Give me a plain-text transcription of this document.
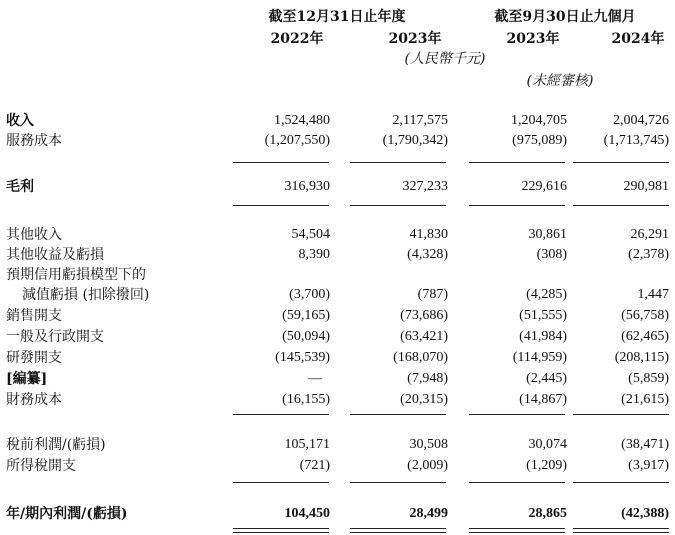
截至12月31日止年度	截至9月30日止九個月
2022年	2023年	2023年	2024年
(人民幣千元)
(未經審核)
收入	1,524,480	2,117,575	1,204,705	2,004,726
服務成本	(1,207,550)	(1,790,342)	(975,089)	(1,713,745)
毛利	316,930	327,233	229,616	290,981
其他收入	54,504	41,830	30,861	26,291
其他收益及虧損	8,390	(4,328)	(308)	(2,378)
預期信用虧損模型下的
減值虧損 (扣除撥回)	(3,700)	(787)	(4,285)	1,447
銷售開支	(59,165)	(73,686)	(51,555)	(56,758)
一般及行政開支	(50,094)	(63,421)	(41,984)	(62,465)
研發開支	(145,539)	(168,070)	(114,959)	(208,115)
[編纂]	—	(7,948)	(2,445)	(5,859)
財務成本	(16,155)	(20,315)	(14,867)	(21,615)
稅前利潤/(虧損)	105,171	30,508	30,074	(38,471)
所得稅開支	(721)	(2,009)	(1,209)	(3,917)
年/期內利潤/(虧損)	104,450	28,499	28,865	(42,388)
